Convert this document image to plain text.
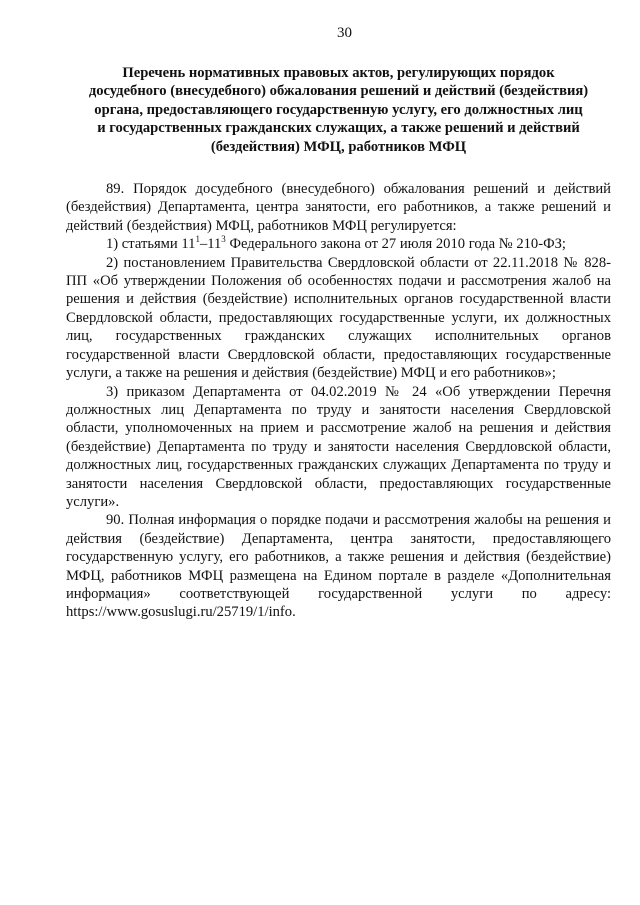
30
Перечень нормативных правовых актов, регулирующих порядок
досудебного (внесудебного) обжалования решений и действий (бездействия)
органа, предоставляющего государственную услугу, его должностных лиц
и государственных гражданских служащих, а также решений и действий
(бездействия) МФЦ, работников МФЦ

89. Порядок досудебного (внесудебного) обжалования решений и действий (бездействия) Департамента, центра занятости, его работников, а также решений и действий (бездействия) МФЦ, работников МФЦ регулируется:

1) статьями $11^1-11^3$ Федерального закона от 27 июля 2010 года № 210-ФЗ;

2) постановлением Правительства Свердловской области от 22.11.2018 № 828-ПП «Об утверждении Положения об особенностях подачи и рассмотрения жалоб на решения и действия (бездействие) исполнительных органов государственной власти Свердловской области, предоставляющих государственные услуги, их должностных лиц, государственных гражданских служащих исполнительных органов государственной власти Свердловской области, предоставляющих государственные услуги, а также на решения и действия (бездействие) МФЦ и его работников»;

3) приказом Департамента от 04.02.2019 № 24 «Об утверждении Перечня должностных лиц Департамента по труду и занятости населения Свердловской области, уполномоченных на прием и рассмотрение жалоб на решения и действия (бездействие) Департамента по труду и занятости населения Свердловской области, должностных лиц, государственных гражданских служащих Департамента по труду и занятости населения Свердловской области, предоставляющих государственные услуги».

90. Полная информация о порядке подачи и рассмотрения жалобы на решения и действия (бездействие) Департамента, центра занятости, предоставляющего государственную услугу, его работников, а также решения и действия (бездействие) МФЦ, работников МФЦ размещена на Едином портале в разделе «Дополнительная информация» соответствующей государственной услуги по адресу: https://www.gosuslugi.ru/25719/1/info.
